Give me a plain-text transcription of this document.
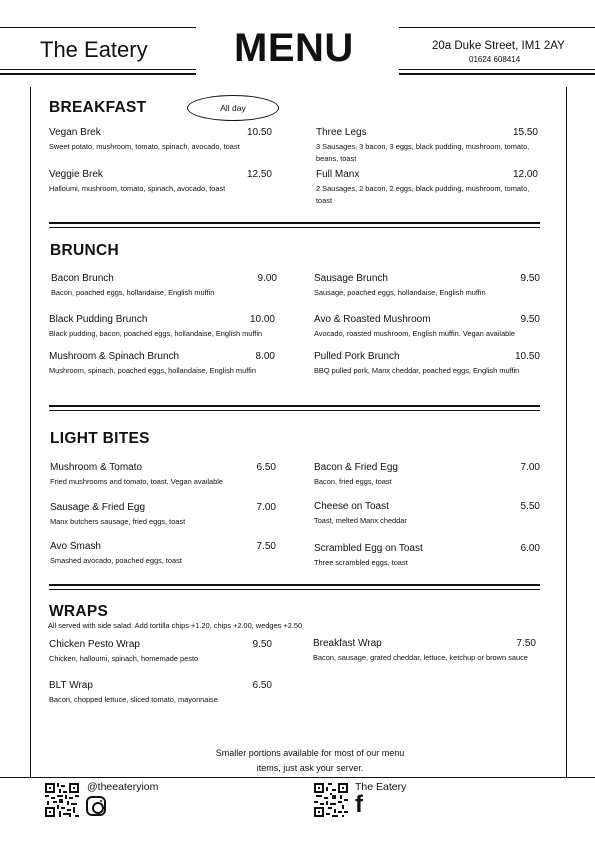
The Eatery MENU	20a Duke Street, IM1 2AY
01624 608414
BREAKFAST	All day
Vegan Brek	10.50
Sweet potato, mushroom, tomato, spinach, avocado, toast
Veggie Brek	12.50
Halloumi, mushroom, tomato, spinach, avocado, toast
Three Legs	15.50
3 Sausages, 3 bacon, 3 eggs, black pudding, mushroom, tomato, beans, toast
Full Manx	12.00
2 Sausages, 2 bacon, 2 eggs, black pudding, mushroom, tomato, toast
BRUNCH
Bacon Brunch	9.00
Bacon, poached eggs, hollandaise, English muffin
Black Pudding Brunch	10.00
Black pudding, bacon, poached eggs, hollandaise, English muffin
Mushroom & Spinach Brunch	8.00
Mushroom, spinach, poached eggs, hollandaise, English muffin
Sausage Brunch	9.50
Sausage, poached eggs, hollandaise, English muffin
Avo & Roasted Mushroom	9.50
Avocado, roasted mushroom, English muffin. Vegan available
Pulled Pork Brunch	10.50
BBQ pulled pork, Manx cheddar, poached eggs, English muffin
LIGHT BITES
Mushroom & Tomato	6.50
Fried mushrooms and tomato, toast. Vegan available
Sausage & Fried Egg	7.00
Manx butchers sausage, fried eggs, toast
Avo Smash	7.50
Smashed avocado, poached eggs, toast
Bacon & Fried Egg	7.00
Bacon, fried eggs, toast
Cheese on Toast	5.50
Toast, melted Manx cheddar
Scrambled Egg on Toast	6.00
Three scrambled eggs, toast
WRAPS
All served with side salad. Add tortilla chips +1.20, chips +2.00, wedges +2.50
Chicken Pesto Wrap	9.50
Chicken, halloumi, spinach, homemade pesto
BLT Wrap	6.50
Bacon, chopped lettuce, sliced tomato, mayonnaise
Breakfast Wrap	7.50
Bacon, sausage, grated cheddar, lettuce, ketchup or brown sauce
Smaller portions available for most of our menu
items, just ask your server.
@theeateryiom	The Eatery
f
